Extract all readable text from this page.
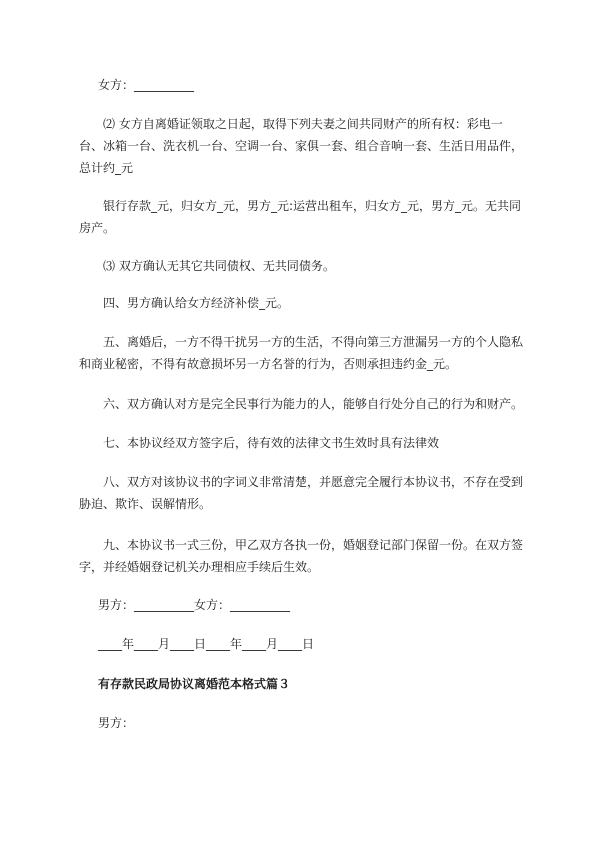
女方：__________

⑵ 女方自离婚证领取之日起，取得下列夫妻之间共同财产的所有权：彩电一台、冰箱一台、洗衣机一台、空调一台、家俱一套、组合音响一套、生活日用品件，总计约_元

银行存款_元，归女方_元，男方_元:运营出租车，归女方_元，男方_元。无共同房产。

⑶ 双方确认无其它共同债权、无共同债务。

四、男方确认给女方经济补偿_元。

五、离婚后，一方不得干扰另一方的生活，不得向第三方泄漏另一方的个人隐私和商业秘密，不得有故意损坏另一方名誉的行为，否则承担违约金_元。

六、双方确认对方是完全民事行为能力的人，能够自行处分自己的行为和财产。

七、本协议经双方签字后，待有效的法律文书生效时具有法律效

八、双方对该协议书的字词义非常清楚，并愿意完全履行本协议书，不存在受到胁迫、欺诈、误解情形。

九、本协议书一式三份，甲乙双方各执一份，婚姻登记部门保留一份。在双方签字，并经婚姻登记机关办理相应手续后生效。

男方：__________女方：__________

____年____月____日____年____月____日

有存款民政局协议离婚范本格式篇３

男方：
